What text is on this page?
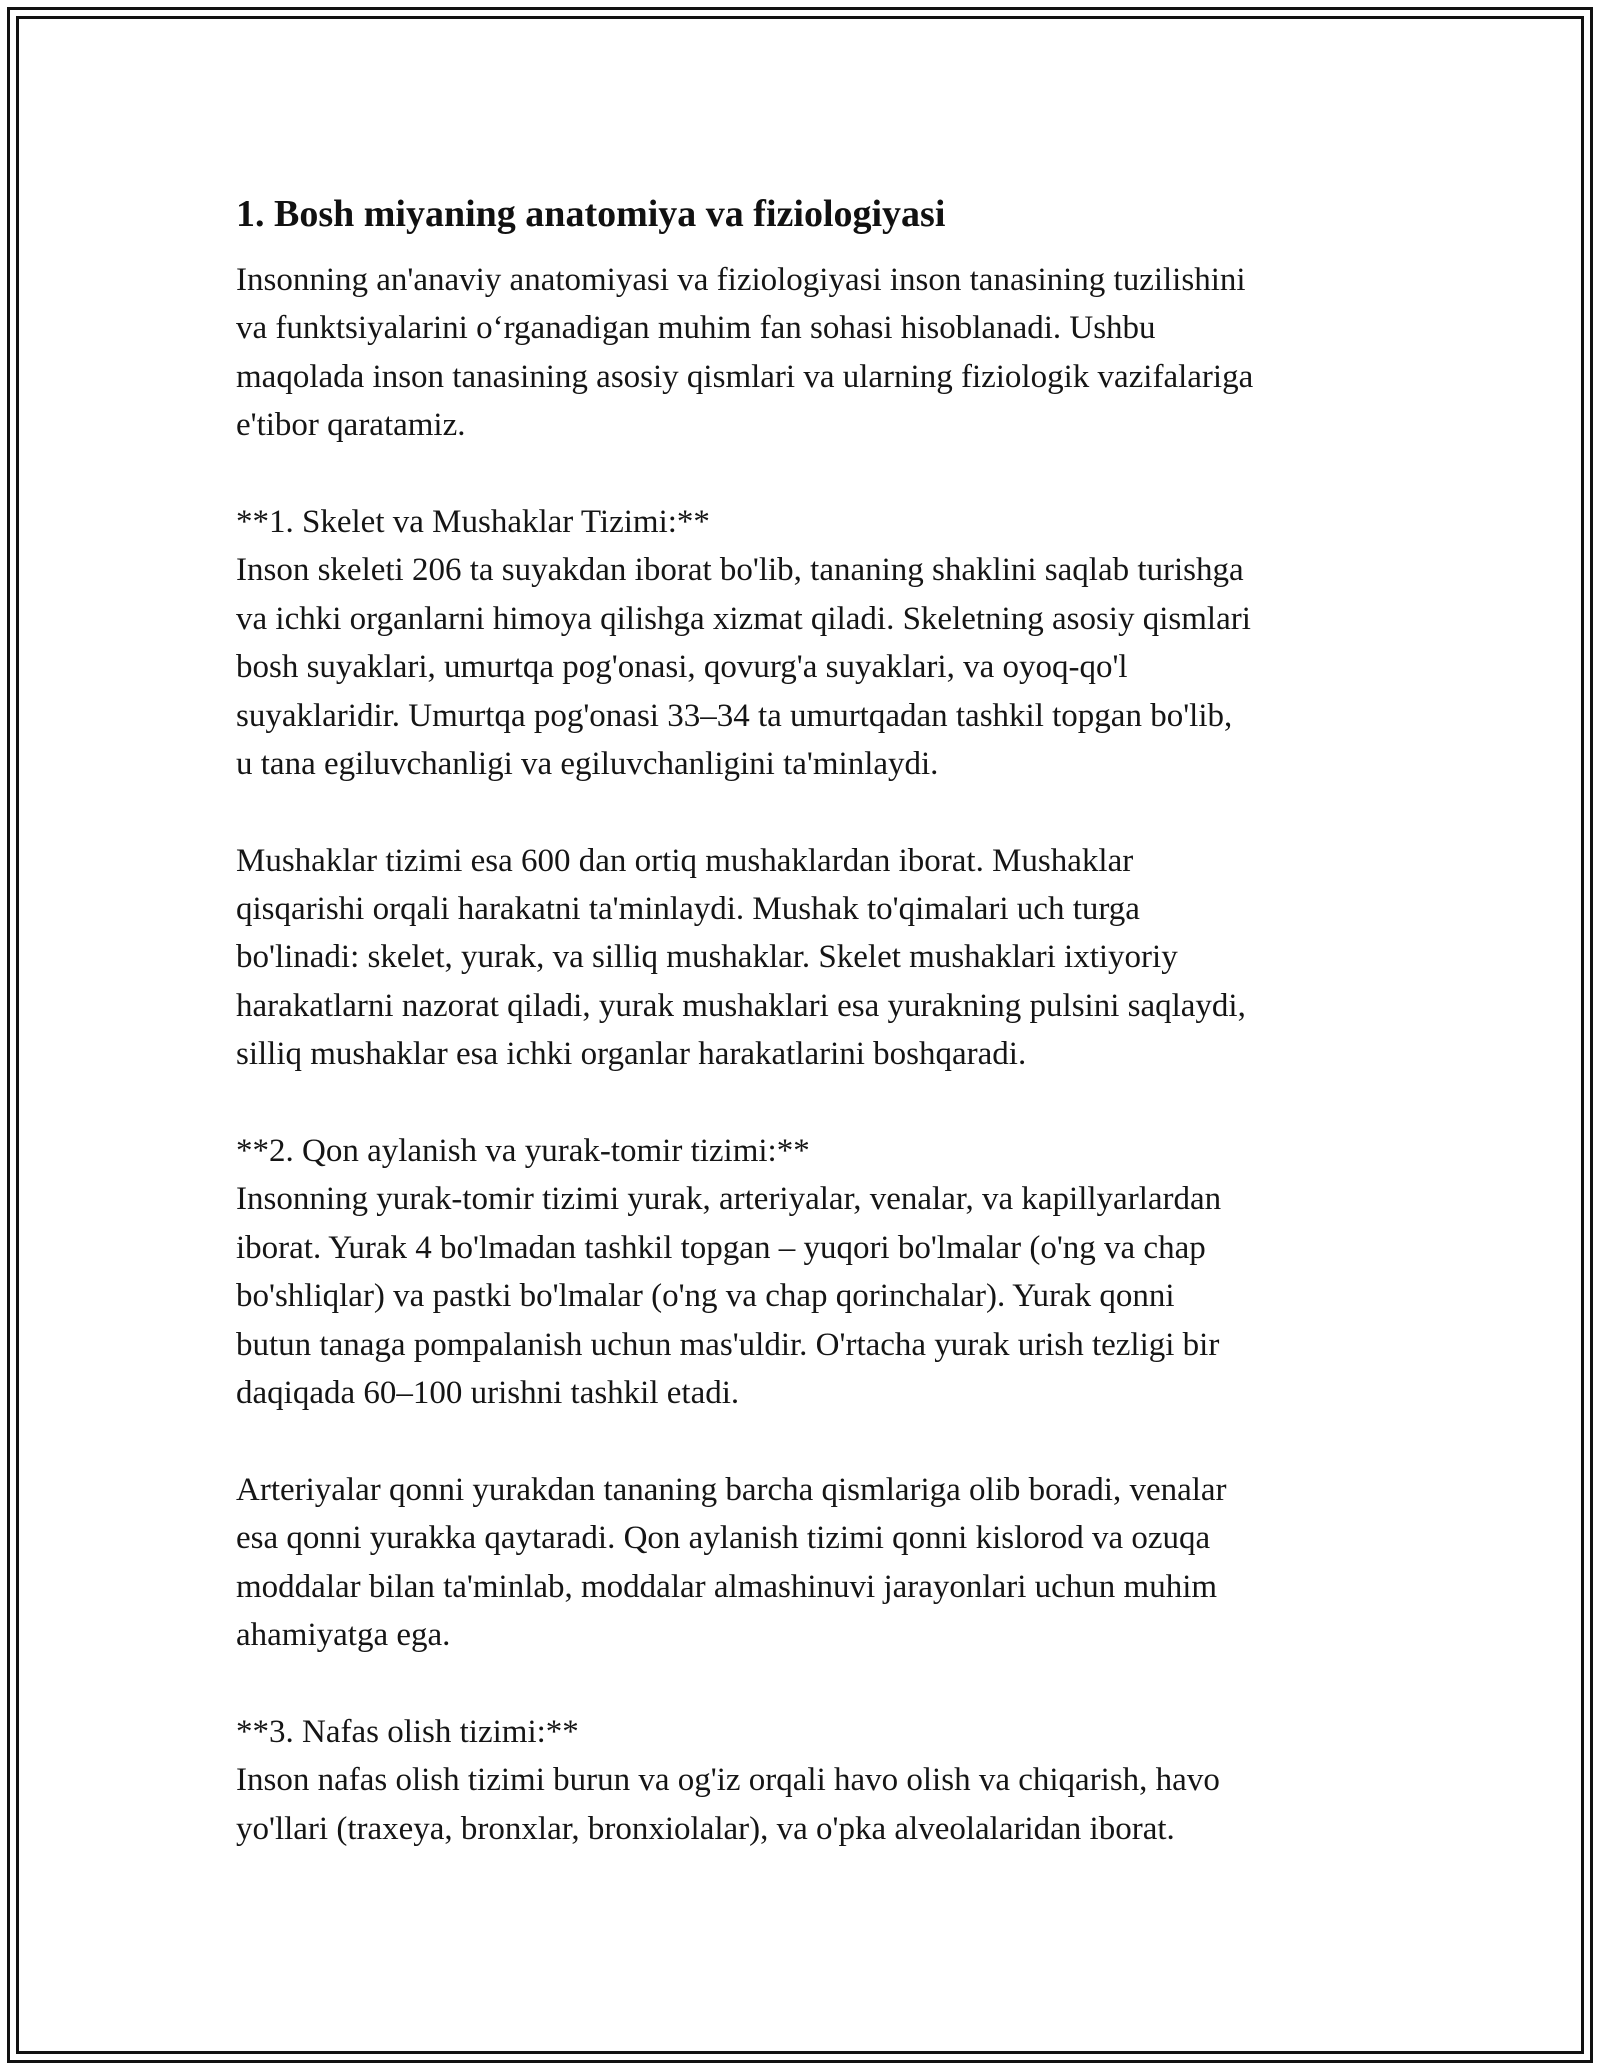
1. Bosh miyaning anatomiya va fiziologiyasi
Insonning an'anaviy anatomiyasi va fiziologiyasi inson tanasining tuzilishini
va funktsiyalarini o‘rganadigan muhim fan sohasi hisoblanadi. Ushbu
maqolada inson tanasining asosiy qismlari va ularning fiziologik vazifalariga
e'tibor qaratamiz.
**1. Skelet va Mushaklar Tizimi:**
Inson skeleti 206 ta suyakdan iborat bo'lib, tananing shaklini saqlab turishga
va ichki organlarni himoya qilishga xizmat qiladi. Skeletning asosiy qismlari
bosh suyaklari, umurtqa pog'onasi, qovurg'a suyaklari, va oyoq-qo'l
suyaklaridir. Umurtqa pog'onasi 33–34 ta umurtqadan tashkil topgan bo'lib,
u tana egiluvchanligi va egiluvchanligini ta'minlaydi.
Mushaklar tizimi esa 600 dan ortiq mushaklardan iborat. Mushaklar
qisqarishi orqali harakatni ta'minlaydi. Mushak to'qimalari uch turga
bo'linadi: skelet, yurak, va silliq mushaklar. Skelet mushaklari ixtiyoriy
harakatlarni nazorat qiladi, yurak mushaklari esa yurakning pulsini saqlaydi,
silliq mushaklar esa ichki organlar harakatlarini boshqaradi.
**2. Qon aylanish va yurak-tomir tizimi:**
Insonning yurak-tomir tizimi yurak, arteriyalar, venalar, va kapillyarlardan
iborat. Yurak 4 bo'lmadan tashkil topgan – yuqori bo'lmalar (o'ng va chap
bo'shliqlar) va pastki bo'lmalar (o'ng va chap qorinchalar). Yurak qonni
butun tanaga pompalanish uchun mas'uldir. O'rtacha yurak urish tezligi bir
daqiqada 60–100 urishni tashkil etadi.
Arteriyalar qonni yurakdan tananing barcha qismlariga olib boradi, venalar
esa qonni yurakka qaytaradi. Qon aylanish tizimi qonni kislorod va ozuqa
moddalar bilan ta'minlab, moddalar almashinuvi jarayonlari uchun muhim
ahamiyatga ega.
**3. Nafas olish tizimi:**
Inson nafas olish tizimi burun va og'iz orqali havo olish va chiqarish, havo
yo'llari (traxeya, bronxlar, bronxiolalar), va o'pka alveolalaridan iborat.
